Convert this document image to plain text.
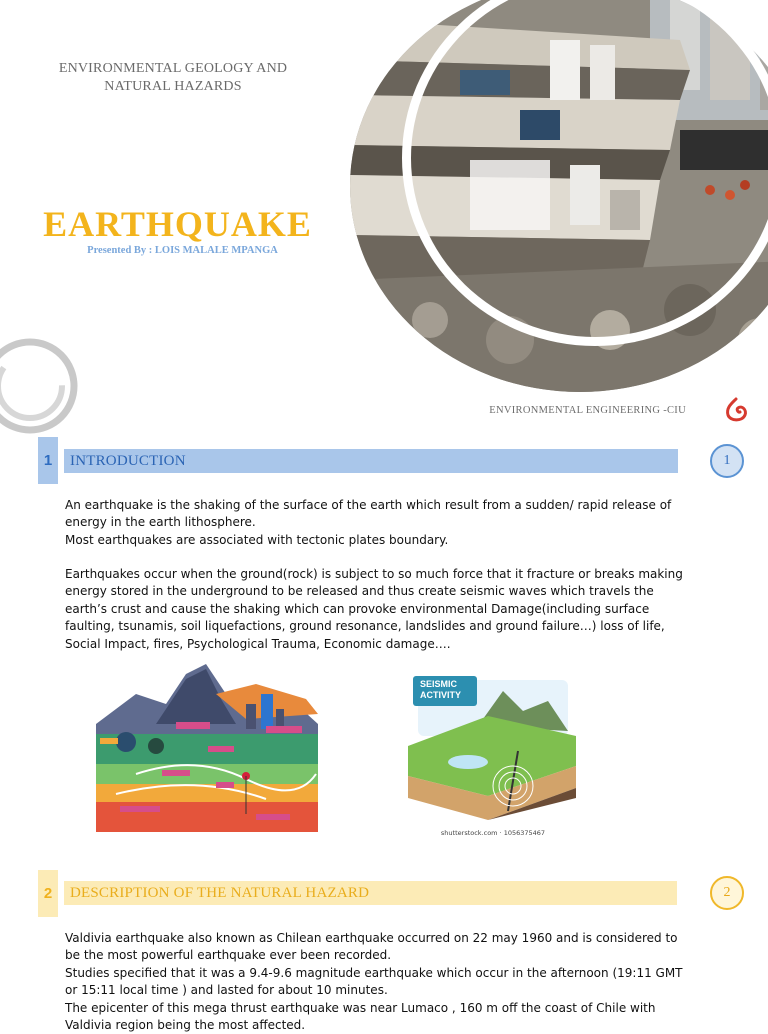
ENVIRONMENTAL GEOLOGY AND
NATURAL HAZARDS
EARTHQUAKE
Presented By : LOIS MALALE MPANGA
ENVIRONMENTAL ENGINEERING -CIU
1	INTRODUCTION	1
An earthquake is the shaking of the surface of the earth which result from a sudden/ rapid release of energy in the earth lithosphere.
Most earthquakes are associated with tectonic plates boundary.
Earthquakes occur when the ground(rock) is subject to so much force that it fracture or breaks making energy stored in the underground to be released and thus create seismic waves which travels the earth’s crust and cause the shaking which can provoke environmental Damage(including surface faulting, tsunamis, soil liquefactions, ground resonance, landslides and ground failure…) loss of life, Social Impact, fires, Psychological Trauma, Economic damage….
SEISMIC
ACTIVITY
shutterstock.com · 1056375467
2	DESCRIPTION OF THE NATURAL HAZARD	2
Valdivia earthquake also known as Chilean earthquake occurred on 22 may 1960 and is considered to be the most powerful earthquake ever been recorded.
Studies specified that it was a 9.4-9.6 magnitude earthquake which occur in the afternoon (19:11 GMT or 15:11 local time ) and lasted for about 10 minutes.
The epicenter of this mega thrust earthquake was near Lumaco , 160 m off the coast of Chile with Valdivia region being the most affected.
